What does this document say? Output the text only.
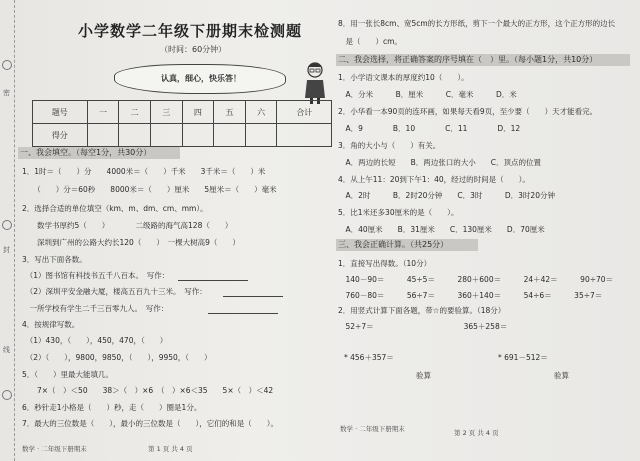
密
封
线
小学数学二年级下册期末检测题
（时间：60分钟）
认真，细心，快乐答！
题号	一	二	三	四	五	六	合计
得分							
一、我会填空。（每空1分，共30分）
1．1时＝（　　）分　　4000米＝（　　）千米　　3千米＝（　　）米
　　（　　）分＝60秒　　8000米＝（　　）厘米　　5厘米＝（　　）毫米
2．选择合适的单位填空（km、m、dm、cm、mm）。
　　数学书厚约5（　　）　　　　二级路的海气高128（　　）
　　深圳到广州的公路大约长120（　　）　一棵大树高9（　　）
3．写出下面各数。
　（1）图书馆有科技书五千八百本。　写作：
　（2）深圳平安金融大厦，楼高五百九十三米。　写作：
　一所学校有学生二千三百零九人。　写作：
4．按规律写数。
　（1）430，（　　），450，470，（　　）
　（2）（　　），9800，9850，（　　），9950，（　　）
5．（　　）里最大能填几。
　　7×（　）＜50　　38＞（　）×6　（　）×6＜35　　5×（　）＜42
6．秒针走1小格是（　　）秒，走（　　）圈是1分。
7．最大的三位数是（　　），最小的三位数是（　　），它们的和是（　　）。
数学 · 二年级下册期末	第 1 页 共 4 页
8．用一张长8cm、宽5cm的长方形纸，剪下一个最大的正方形，这个正方形的边长
　是（　　）cm。
二、我会选择，将正确答案的序号填在（　）里。（每小题1分，共10分）
1．小学语文课本的厚度约10（　　）。
　A．分米　　　B．厘米　　　C．毫米　　　D．米
2．小华看一本90页的连环画，如果每天看9页，至少要（　　）天才能看完。
　A．9　　　　B．10　　　　C．11　　　　D．12
3．角的大小与（　　）有关。
　A．两边的长短　　B．两边张口的大小　　C．顶点的位置
4．从上午11：20到下午1：40，经过的时间是（　　）。
　A．2时　　　B．2时20分钟　　C．3时　　　D．3时20分钟
5．比1米还多30厘米的是（　　）。
　A．40厘米　　B．31厘米　　C．130厘米　　D．70厘米
三、我会正确计算。（共25分）
1．直接写出得数。（10分）
　140－90＝　　　45÷5＝　　　280＋600＝　　　24＋42＝　　　90÷70＝
　760－80＝　　　56÷7＝　　　360＋140＝　　　54÷6＝　　　35÷7＝
2．用竖式计算下面各题，带☆的要验算。（18分）
　52÷7＝　　　　　　　　　　　　365＋258＝
* 456＋357＝	* 691－512＝
验算	验算
数学 · 二年级下册期末	第 2 页 共 4 页
